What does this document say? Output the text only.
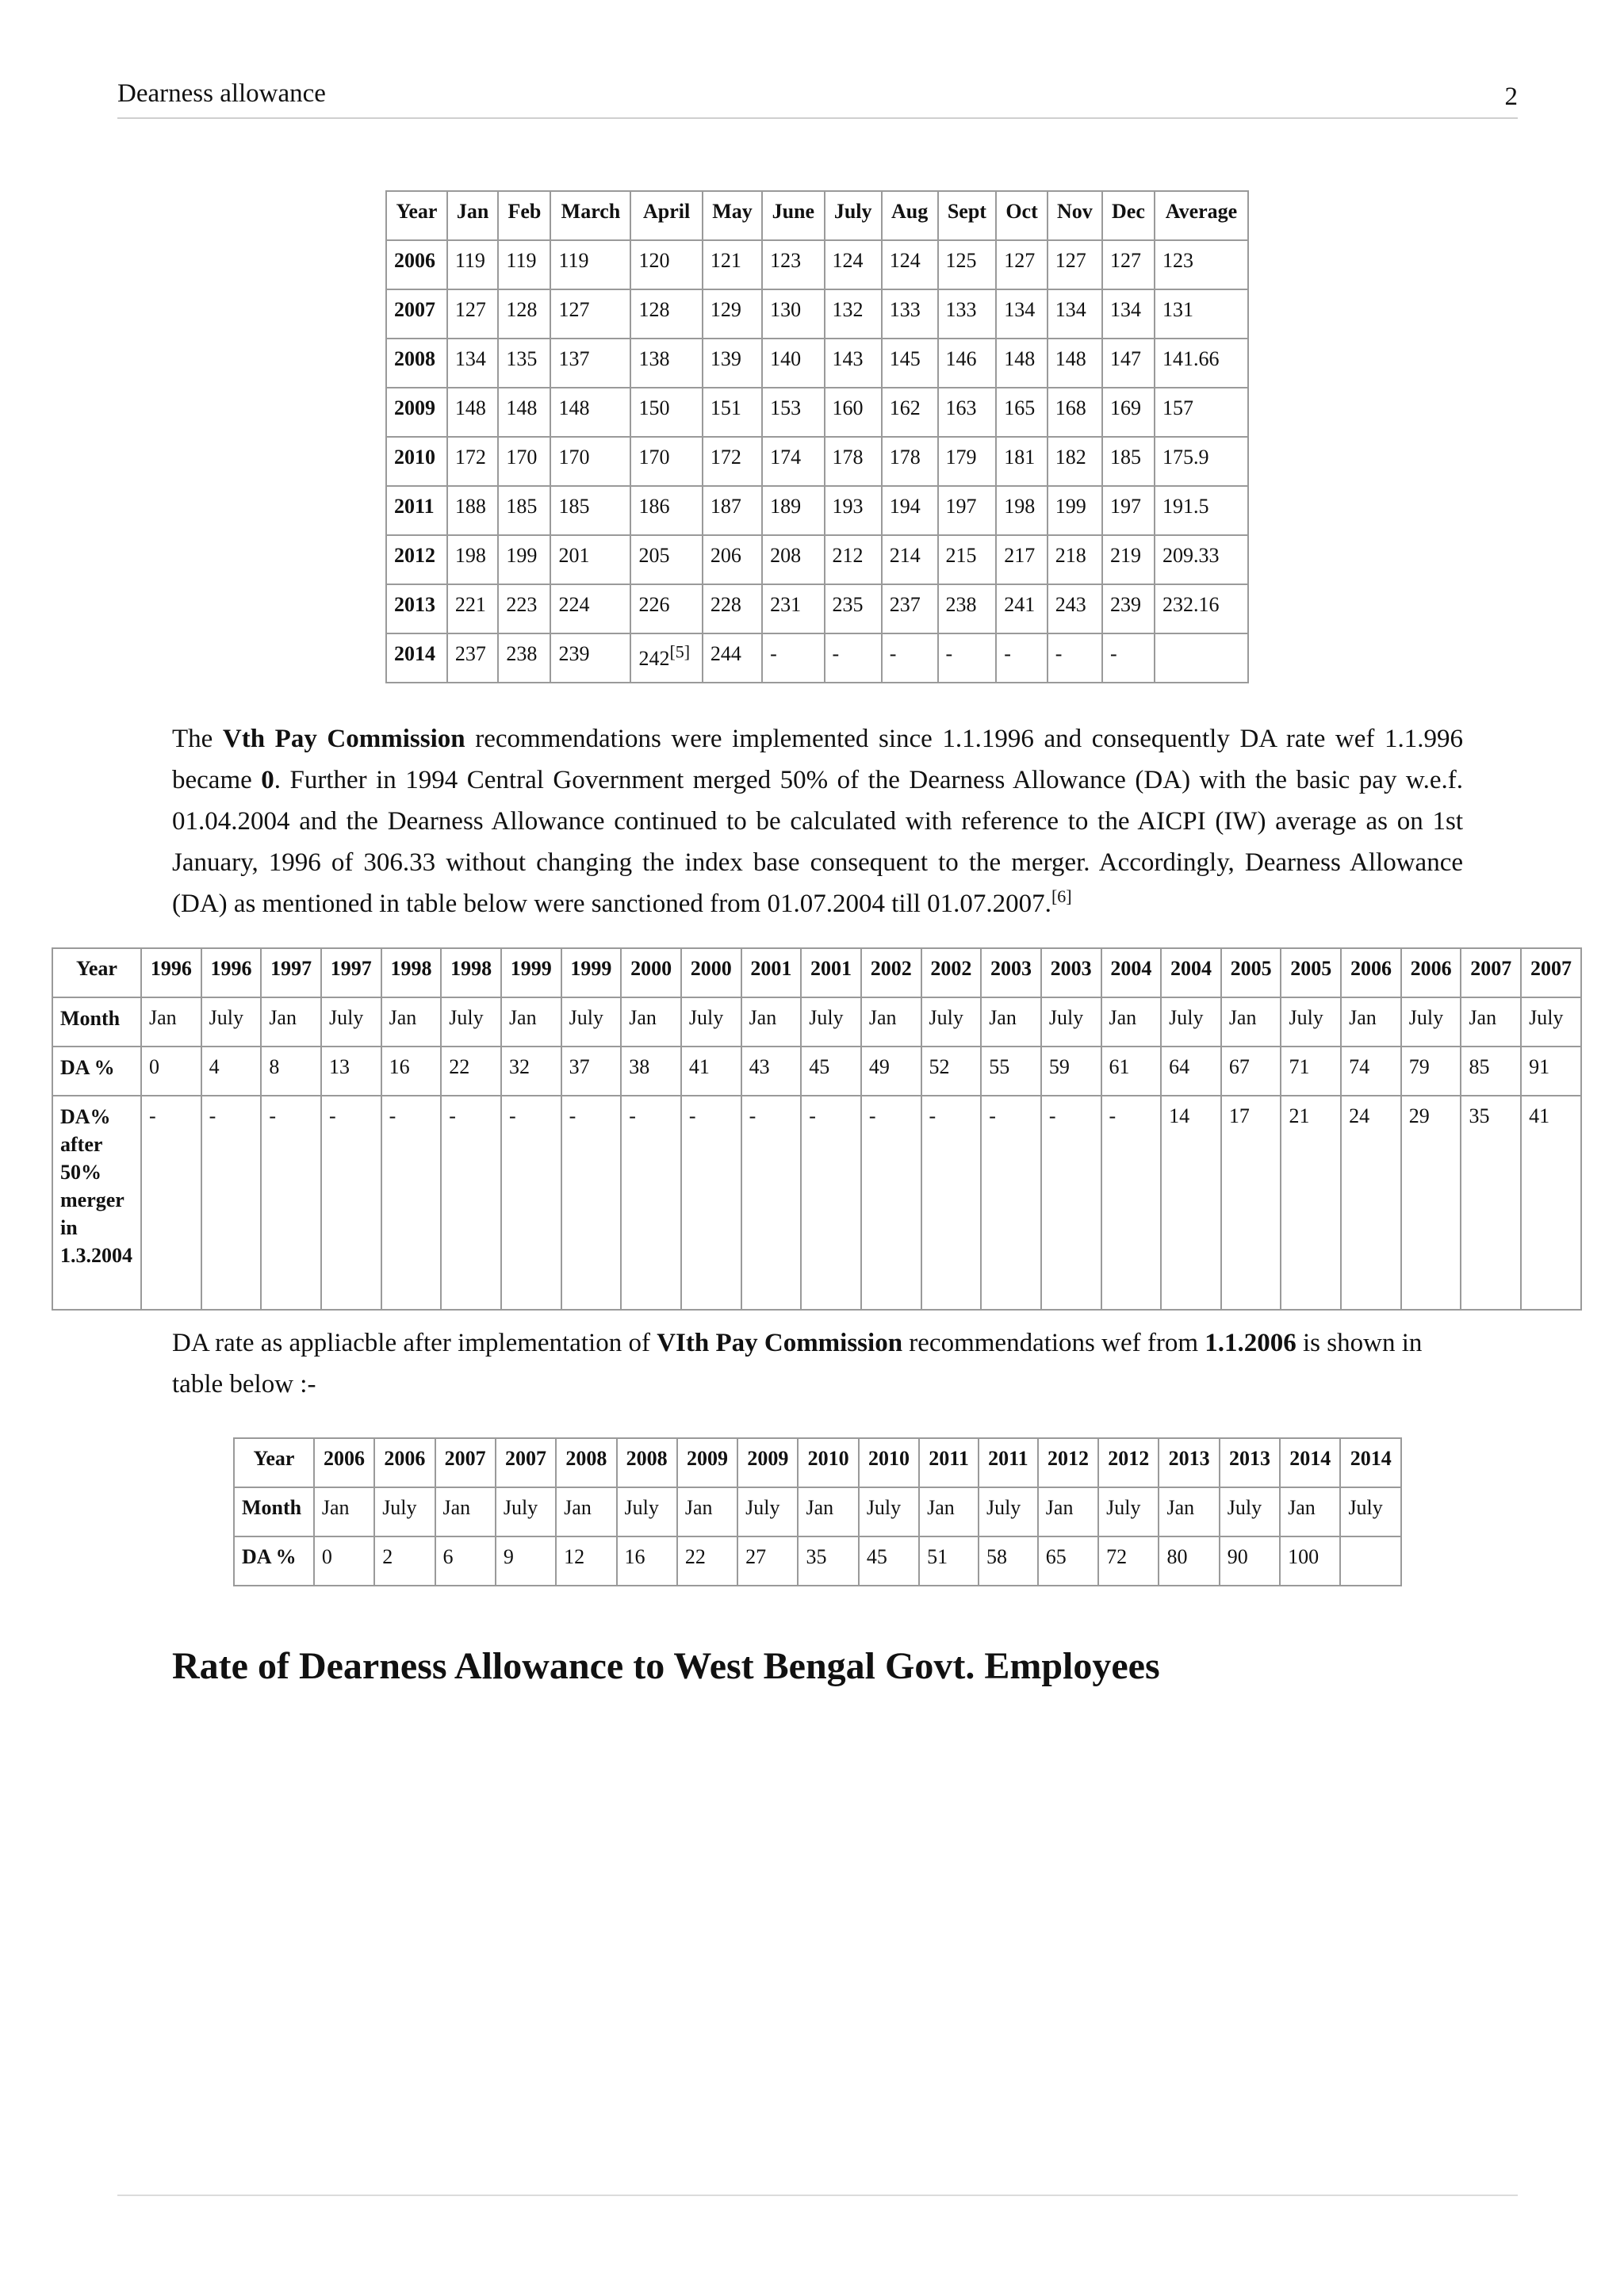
Dearness allowance	2
Year	Jan	Feb	March	April	May	June	July	Aug	Sept	Oct	Nov	Dec	Average
2006	119	119	119	120	121	123	124	124	125	127	127	127	123
2007	127	128	127	128	129	130	132	133	133	134	134	134	131
2008	134	135	137	138	139	140	143	145	146	148	148	147	141.66
2009	148	148	148	150	151	153	160	162	163	165	168	169	157
2010	172	170	170	170	172	174	178	178	179	181	182	185	175.9
2011	188	185	185	186	187	189	193	194	197	198	199	197	191.5
2012	198	199	201	205	206	208	212	214	215	217	218	219	209.33
2013	221	223	224	226	228	231	235	237	238	241	243	239	232.16
2014	237	238	239	242[5]	244	-	-	-	-	-	-	-	
The Vth Pay Commission recommendations were implemented since 1.1.1996 and consequently DA rate wef 1.1.996 became 0. Further in 1994 Central Government merged 50% of the Dearness Allowance (DA) with the basic pay w.e.f. 01.04.2004 and the Dearness Allowance continued to be calculated with reference to the AICPI (IW) average as on 1st January, 1996 of 306.33 without changing the index base consequent to the merger. Accordingly, Dearness Allowance (DA) as mentioned in table below were sanctioned from 01.07.2004 till 01.07.2007.[6]
Year	1996	1996	1997	1997	1998	1998	1999	1999	2000	2000	2001	2001	2002	2002	2003	2003	2004	2004	2005	2005	2006	2006	2007	2007
Month	Jan	July	Jan	July	Jan	July	Jan	July	Jan	July	Jan	July	Jan	July	Jan	July	Jan	July	Jan	July	Jan	July	Jan	July
DA %	0	4	8	13	16	22	32	37	38	41	43	45	49	52	55	59	61	64	67	71	74	79	85	91
DA% after 50% merger in 1.3.2004	-	-	-	-	-	-	-	-	-	-	-	-	-	-	-	-	-	14	17	21	24	29	35	41
DA rate as appliacble after implementation of VIth Pay Commission recommendations wef from 1.1.2006 is shown in table below :-
Year	2006	2006	2007	2007	2008	2008	2009	2009	2010	2010	2011	2011	2012	2012	2013	2013	2014	2014
Month	Jan	July	Jan	July	Jan	July	Jan	July	Jan	July	Jan	July	Jan	July	Jan	July	Jan	July
DA %	0	2	6	9	12	16	22	27	35	45	51	58	65	72	80	90	100	
Rate of Dearness Allowance to West Bengal Govt. Employees
